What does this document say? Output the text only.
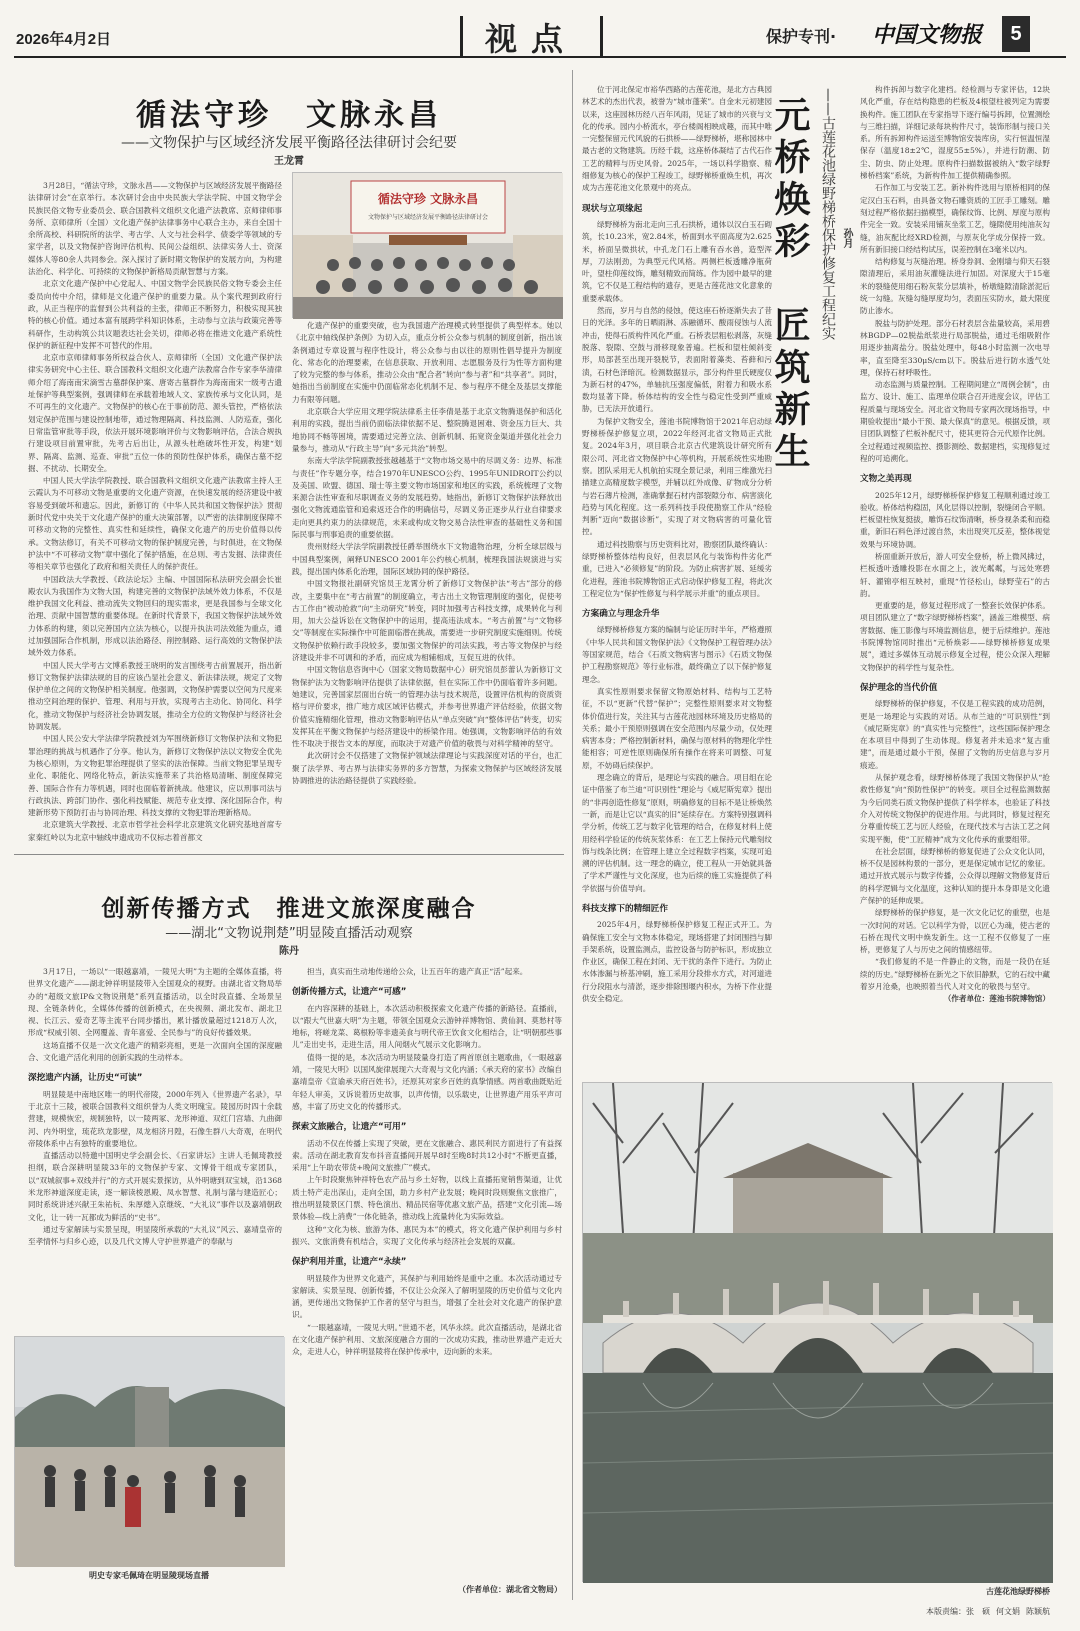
2026年4月2日	视点	保护专刊· 中国文物报	5
循法守珍　文脉永昌
——文物保护与区域经济发展平衡路径法律研讨会纪要
王龙霄

3月28日，“循法守珍，文脉永昌——文物保护与区域经济发展平衡路径法律研讨会”在京举行。本次研讨会由中央民族大学法学院、中国文物学会民族民俗文物专业委员会、联合国教科文组织文化遗产法教席、京师律师事务所、京师律所（全国）文化遗产保护法律事务中心联合主办，来自全国十余所高校、科研院所的法学、考古学、人文与社会科学、债委学等领域的专家学者，以及文物保护咨询评估机构、民间公益组织、法律实务人士、资深媒体人等80余人共同参会。深入探讨了新时期文物保护的发展方向，为构建法治化、科学化、可持续的文物保护新格局贡献智慧与方案。

北京文化遗产保护中心党起人、中国文物学会民族民俗文物专委会主任委员向传中介绍，律师是文化遗产保护的重要力量。从个案代理到政府行政，从正当程序的监督到公共利益的主张，律师正不断努力，积极实现其独特的核心价值。通过本富有展跨学科知识体系，主动参与立法与政策完善等科研作，生动构筑公共议题表达社会关切，律师必将在推进文化遗产系统性保护的新征程中发挥不可替代的作用。

北京市京师律师事务所权益合伙人、京师律所（全国）文化遗产保护法律实务研究中心主任、联合国教科文组织文化遗产法教席合作专家李华清律师介绍了海南南宋滴雪古墓群保护案、唐寄古墓群作为海南南宋一级考古遗址保护等典型案例，强调律师在承载着地域人文、家族传承与文化认同，是不可再生的文化遗产。文物保护的核心在于事前防范、源头管控，严格依法划定保护范围与建设控制地带，通过物理隔离、科技监测、人防巡查，强化日常监管审批等手段，依法开展环境影响评价与文物影响评估，合法合规执行建设项目前置审批，先考古后出让，从源头杜绝破坏性开发，构建“划界、隔离、监测、巡查、审批”五位一体的预防性保护体系，确保古墓不挖掘、不扰动、长期安全。

中国人民大学法学院教授、联合国教科文组织文化遗产法教席主持人王云霞认为不可移动文物是重要的文化遗产资源，在快速发展的经济建设中被容易受到破坏和遗忘。因此，新修订的《中华人民共和国文物保护法》贯彻新时代党中央关于文化遗产保护的重大决策部署，以严密的法律制度保障不可移动文物的完整性、真实性和延续性，确保文化遗产的历史价值得以传承。文物法修订，有关不可移动文物的保护制度完善，与时俱进，在文物保护法中“不可移动文物”章中强化了保护措施，在总则、考古发掘、法律责任等相关章节也强化了政府和相关责任人的保护责任。

中国政法大学教授、《政法论坛》主编、中国国际私法研究会副会长崔殿农认为我国作为文物大国，构建完善的文物保护法域外效力体系，不仅是维护我国文化利益、推动流失文物回归的现实需求，更是我国参与全球文化治理、贡献中国智慧的重要体现。在新时代背景下，我国文物保护法域外效力体系的构建，须以完善国内立法为核心，以提升执法司法效能为重点，通过加强国际合作机制，形成以法治路径、削控制路、运行高效的文物保护法域外效力体系。

中国人民大学考古文博系教授王晓明的发言围绕考古前置展开，指出新修订文物保护法律法规的目的应该凸显社会意义、新法律法规，规定了文物保护单位之间的文物保护相关制度。他强调，文物保护需要以空间为尺度来推动空间治理的保护、管理、利用与开放，实现考古主动化、协同化、科学化，推动文物保护与经济社会协调发展，推动全方位的文物保护与经济社会协调发展。

中国人民公安大学法律学院教授刘为军围绕新修订文物保护法和文物犯罪治理的挑战与机遇作了分享。他认为，新修订文物保护法以文物安全优先为核心原则，为文物犯罪治理提供了坚实的法治保障。当前文物犯罪呈现专业化、职能化、网络化特点，新法实施带来了共治格局清晰、制度保障完善、国际合作有力等机遇，同时也面临着新挑战。他建议，应以刑事司法与行政执法、跨部门协作、强化科技赋能、规范专业支撑、深化国际合作，构建新形势下预防打击与协同治理、科技支撑的文物犯罪治理新格局。

北京建筑大学教授、北京市哲学社会科学北京建筑文化研究基地首席专家秦红岭以为北京中轴线申遗成功不仅标志着首都文

循法守珍 文脉永昌
文物保护与区域经济发展平衡路径法律研讨会

化遗产保护的重要突破，也为我国遗产治理模式转型提供了典型样本。她以《北京中轴线保护条例》为切入点，重点分析公众参与机制的制度创新，指出该条例通过专章设置与程序性设计，将公众参与由以往的原则性倡导提升为制度化、常态化的治理要素，在信息获取、开放利用、志愿服务及行为性等方面构建了较为完整的参与体系，推动公众由“配合者”转向“参与者”和“共享者”。同时，她指出当前制度在实施中仍面临常态化机制不足、参与程序不健全及基层支撑能力有限等问题。

北京联合大学应用文理学院法律系主任李倩是基于北京文物腾退保护和活化利用的实践，提出当前仍面临法律依据不足、整院腾退困难、资金压力巨大、共地协同不畅等困境，需要通过完善立法、创新机制、拓宽资金渠道并强化社会力量参与，推动从“行政主导”向“多元共治”转型。

东南大学法学院副教授张越越基于“文物市场交易中的尽调义务：边界、标准与责任”作专题分享，结合1970年UNESCO公约、1995年UNIDROIT公约以及美国、欧盟、德国、瑞士等主要文物市场国家和地区的实践，系统梳理了文物来源合法性审查和尽职调查义务的发展趋势。她指出，新修订文物保护法释放出强化文物流通监管和追索返还合作的明确信号，尽调义务正逐步从行业自律要求走向更具约束力的法律规范，未来或构成文物交易合法性审查的基础性义务和国际民事与刑事追责的重要依据。

贵州财经大学法学院副教授任爵举围绕水下文物遗物治理，分析全球层级与中国典型案例，阐释UNESCO 2001年公约核心机制，梳理我国法规演进与实践，提出国内体系化治理，国际区域协同的保护路径。

中国文物报社副研究馆员王龙霄分析了新修订文物保护法“考古”部分的修改，主要集中在“考古前置”的制度确立，考古出土文物管理制度的强化，促使考古工作由“被动抢救”向“主动研究”转变，同时加强考古科技支撑，成果转化与利用，加大公益诉讼在文物保护中的运用，提高违法成本。“考古前置”与“文物移交”等制度在实际操作中可能面临潜在挑战，需要进一步研究制度实施细则。传统文物保护依赖行政手段较多，要加强文物保护的司法实践，考古等文物保护与经济建设并非不可调和的矛盾，而应成为相辅相成，互促互进的伙伴。

中国文物信息咨询中心（国家文物局数据中心）研究馆员彭蕾认为新修订文物保护法为文物影响评估提供了法律依据，但在实际工作中仍面临着许多问题。她建议，完善国家层面出台统一的管理办法与技术规范，设置评估机构的资质资格与评价要求，推广地方成区域评估模式，并参考世界遗产评估经验，依据文物价值实施精细化管理，推动文物影响评估从“单点突破”向“整体评估”转变，切实发挥其在平衡文物保护与经济建设中的桥梁作用。她强调，文物影响评估的有效性不取决于报告文本的厚度，而取决于对遗产价值的敬畏与对科学精神的坚守。

此次研讨会不仅搭建了文物保护领域法律理论与实践深度对话的平台，也汇聚了法学界、考古界与法律实务界的多方智慧，为探索文物保护与区域经济发展协调推进的法治路径提供了实践经验。

创新传播方式　推进文旅深度融合
——湖北“文物说荆楚”明显陵直播活动观察
陈丹

3月17日，一场以“一眼越嘉靖，一陵见大明”为主题的全媒体直播，将世界文化遗产——湖北钟祥明显陵带入全国观众的视野。由湖北省文物局举办的“超级文旅IP&文物说荆楚”系列直播活动，以全时段直播、全场景呈现、全链条转化，全媒体传播的创新模式，在央视频、湖北发布、湖北卫视、长江云、爱奇艺等主流平台同步播出，累计播放量超过1218万人次，形成“权威引领、全网覆盖、青年喜爱、全民参与”的良好传播效果。

这场直播不仅是一次文化遗产的精彩亮相，更是一次面向全国的深度融合、文化遗产活化利用的创新实践的生动样本。

深挖遗产内涵，让历史“可读”

明显陵是中南地区唯一的明代帝陵，2000年列入《世界遗产名录》，早于北京十三陵，被联合国教科文组织誉为人类文明瑰宝。陵园历时四十余载营建，规模恢宏，规制独特，以一陵两冢、龙形神道、双红门宫墙、九曲御河、内外明堂，琉花玖龙影壁，凤龙相济月隍，石像生群八大奇观，在明代帝陵体系中占有独特的重要地位。

直播活动以特邀中国明史学会副会长、《百家讲坛》主讲人毛佩琦教授担纲，联合深耕明显陵33年的文物保护专家、文博骨干组成专家团队，以“双城叙事+双线并行”的方式开展实景探访，从外明塘到双宝城，沿1368米龙形神道深度走读，逐一解读棱恩殿、凤水智慧、礼制与藩与建造匠心；同时系统讲述兴献王朱祐杬、朱厚熜入京继统、“大礼议”事件以及嘉靖朝政文化，让一砖一瓦都成为鲜活的“史书”。

通过专家解读与实景呈现，明显陵所承载的“大礼议”风云、嘉靖皇帝的至孝情怀与归乡心迹，以及几代文博人守护世界遗产的奉献与

明史专家毛佩琦在明显陵现场直播

担当，真实而生动地传递给公众，让五百年的遗产真正“活”起来。

创新传播方式，让遗产“可感”

在内容深耕的基础上，本次活动积极探索文化遗产传播的新路径。直播前，以“跟大气世嘉大明”为主题，带领全国观众云游钟祥博物馆、黄仙洞、莫愁村等地标，将嵯龙菜、葛根粉等非遗美食与明代帝王饮食文化相结合，让“明朝那些事儿”走出史书，走进生活，用人间烟火气展示文化影响力。

值得一提的是，本次活动为明显陵量身打造了两首原创主题歌曲，《一眼越嘉靖，一陵见大明》以国风旋律展现六大奇观与文化内涵；《承天府的家书》改编自嘉靖皇帝《宣谕承天府百姓书》，还原其对家乡百姓的真挚情感。两首歌曲既贴近年轻人审美，又诉说着历史故事，以声传情，以乐载史，让世界遗产用乐平声可感，丰富了历史文化的传播形式。

探索文旅融合，让遗产“可用”

活动不仅在传播上实现了突破，更在文旅融合、惠民利民方面进行了有益探索。活动在湖北教育发布抖音直播间开展早8时至晚8时共12小时“不断更直播，采用“上午助农带货+晚间文旅推广”模式。

上午时段聚焦钟祥特色农产品与乡土好物，以线上直播拓宽销售渠道，让优质土特产走出深山，走向全国，助力乡村产业发展；晚间时段则聚焦文旅推广，推出明显陵景区门票、特色演出、精品民宿等优惠文旅产品，搭建“文化引流—场景体验—线上消费”一体化链条，推动线上流量转化为实际效益。

这种“文化为核、旅游为体、惠民为本”的模式，将文化遗产保护利用与乡村振兴、文旅消费有机结合，实现了文化传承与经济社会发展的双赢。

保护利用并重，让遗产“永续”

明显陵作为世界文化遗产，其保护与利用始终是重中之重。本次活动通过专家解读、实景呈现、创新传播，不仅让公众深入了解明显陵的历史价值与文化内涵，更传递出文物保护工作者的坚守与担当，增强了全社会对文化遗产的保护意识。

“一眼越嘉靖，一陵见大明。”世通不老，风华永续。此次直播活动，是湖北省在文化遗产保护利用、文旅深度融合方面的一次成功实践，推动世界遗产走近大众，走进人心，钟祥明显陵将在保护传承中，迈向新的未来。

（作者单位：湖北省文物局）

位于河北保定市裕华西路的古莲花池，是北方古典园林艺术的杰出代表，被誉为“城市蓬莱”。自金末元初建园以来，这座园林历经八百年风雨，见证了城市的兴衰与文化的传承。园内小桥流水，亭台楼阁相映成趣，而其中唯一完整保留元代风貌的石拱桥——绿野梯桥，堪称园林中最古老的文物建筑。历经千载，这座桥体凝结了古代石作工艺的精粹与历史风骨。2025年，一场以科学勘察、精细修复为核心的保护工程竣工，绿野梯桥重焕生机，再次成为古莲花池文化景观中的亮点。

现状与立项缘起

绿野梯桥为南北走向三孔石拱桥，通体以汉白玉石砌筑，长10.23米，宽2.84米，桥面到水平面高度为2.625米，桥面呈微拱状，中孔龙门石上雕有吞水兽，造型浑厚，刀法刚劲，为典型元代风格。两侧栏板透雕净瓶荷叶，望柱仰莲纹饰，雕刻精致而简练。作为园中最早的建筑，它不仅是工程结构的遗存，更是古莲花池文化意象的重要承载体。

然而，岁月与自然的侵蚀，使这座石桥逐渐失去了昔日的光泽。多年的日晒雨淋、冻融循环、酸雨侵蚀与人流冲击，使得石质构件风化严重。石桥表层粗松剥落，灰缝脱落、裂隙、空鼓与滑移现象普遍。栏板和望柱倾斜变形，局部甚至出现开裂脱节，表面附着藻类、苔藓和污渍，石材色泽暗沉。检测数据显示，部分构件里氏硬度仅为新石材的47%，单轴抗压强度偏低，附着力和吸水系数均显著下降。桥体结构的安全性与稳定性受到严重威胁，已无法开放通行。

为保护文物安全，莲池书院博物馆于2021年启动绿野梯桥保护修复立项，2022年经河北省文物局正式批复。2024年3月，项目联合北京古代建筑设计研究所有限公司、河北省文物保护中心等机构，开展系统性实地勘察。团队采用无人机航拍实现全景记录，利用三维激光扫描建立高精度数字模型，并辅以红外成像、矿物成分分析与岩石薄片检测，准确掌握石材内部裂隙分布、病害演化趋势与风化程度。这一系列科技手段使勘察工作从“经验判断”迈向“数据诊断”，实现了对文物病害的可量化管控。

通过科技勘察与历史资料比对，勘察团队最终确认：绿野梯桥整体结构良好，但表层风化与装饰构件劣化严重，已进入“必须修复”的阶段。为防止病害扩展、延缓劣化进程，莲池书院博物馆正式启动保护修复工程，将此次工程定位为“保护性修复与科学展示并重”的重点项目。

方案确立与理念升华

绿野梯桥修复方案的编制与论证历时半年，严格遵照《中华人民共和国文物保护法》《文物保护工程管理办法》等国家规范，结合《石质文物病害与图示》《石质文物保护工程勘察规范》等行业标准，最终确立了以下保护修复理念。

真实性原则要求保留文物原始材料、结构与工艺特征，不以“更新”代替“保护”；完整性原则要求对文物整体价值进行发，关注其与古莲花池园林环境及历史格局的关系；最小干预原则强调在安全范围内尽量少动，仅处理病害本身；严格控制新材料，确保与原材料的物理化学性能相容；可逆性原则确保所有操作在将来可调整、可复原，不妨碍后续保护。

理念确立的背后，是理论与实践的融合。项目组在论证中借鉴了布兰迪“可识别性”理论与《威尼斯宪章》提出的“非再创造性修复”原则，明确修复的目标不是让桥焕然一新，而是让它以“真实的旧”延续存在。方案特别强调科学分析，传统工艺与数字化管理的结合，在修复材料上使用经科学验证的传统灰浆体系：在工艺上保持元代雕刻纹饰与线条比例；在管理上建立全过程数字档案，实现可追溯的评估机制。这一理念的确立，使工程从一开始就具备了学术严谨性与文化深度，也为后续的施工实施提供了科学依据与价值导向。

科技支撑下的精细匠作

2025年4月，绿野梯桥保护修复工程正式开工。为确保施工安全与文物本体稳定，现场搭建了封闭围挡与脚手架系统，设置监测点，监控设备与防护标识，形成独立作业区，确保工程在封闭、无干扰的条件下进行。为防止水体渗漏与桥基冲刷，施工采用分段排水方式，对河道进行分段阻水与清淤，逐步排除围堰内积水，为桥下作业提供安全稳定。

元桥焕彩　匠筑新生 ——古莲花池绿野梯桥保护修复工程纪实 孙月

构件拆卸与数字化建档。经检测与专家评估，12块风化严重，存在结构隐患的栏板及4根望柱被列定为需要换构件。施工团队在专家指导下逐行编号拆卸，位置测绘与三维扫描，详细记录每块构件尺寸，装饰形制与接口关系。所有拆卸构件运送至博物馆安装库房，实行恒温恒湿保存（温度18±2℃，湿度55±5%），并进行防潮、防尘、防虫、防止处理。原构件扫描数据被纳入“数字绿野梯桥档案”系统，为新构件加工提供精确参照。

石作加工与安装工艺。新补构件选用与原桥相同的保定汉白玉石料，由具备文物石雕资质的工匠手工雕刻。雕刻过程严格依据扫描模型，确保纹饰、比例、厚度与原构件完全一致。安装采用铺灰坐浆工艺，缝隙使用纯油灰勾缝，油灰配比经XRD检测，与原灰化学成分保持一致。所有新旧接口经结构试压，误差控制在3毫米以内。

结构修复与灰缝治理。桥身券洞、金刚墙与仰天石裂隙清理后，采用油灰灌缝法进行加固。对深度大于15毫米的裂缝使用细石粉灰浆分层填补，桥墩缝隙清除淤泥后统一勾缝。灰缝勾缝厚度均匀，表面压实防水，最大限度防止渗水。

脱盐与防护处理。部分石材表层含盐量较高，采用碧林BGDP—02脱盐纸浆进行局部脱盐，通过毛细吸附作用逐步抽离盐分。脱盐处理中，每48小时监测一次电导率，直至降至330μS/cm以下。脱盐后进行防水透气处理，保持石材呼吸性。

动态监测与质量控制。工程期间建立“周例会制”，由监方、设计、施工、监理单位联合召开进度会议，评估工程质量与现场安全。河北省文物局专家两次现场指导，中期验收提出“最小干预、最大保真”的意见。根据反馈，项目团队调整了栏板补配尺寸，使其更符合元代原作比例。全过程通过视频监控、摄影测绘、数据建档，实现修复过程的可追溯化。

文物之美再现

2025年12月，绿野梯桥保护修复工程顺利通过竣工验收。桥体结构稳固，风化层得以控制，裂缝闭合平顺。栏板望柱恢复挺拔，雕饰石纹饰清晰，桥身视条柔和而稳重，新旧石料色泽过渡自然，未出现突兀反差，整体视觉效果与环境协调。

桥面重新开放后，游人可安全登桥，桥上微风拂过，栏板透叶透雕投影在水面之上，波光粼粼，与远处寒碧轩、濯锦亭相互映衬，重现“竹径松山，绿野莹石”的古韵。

更重要的是，修复过程形成了一整套长效保护体系。项目团队建立了“数字绿野梯桥档案”，涵盖三维模型、病害数据、施工影像与环境监测信息，便于后续维护。莲池书院博物馆同时推出“元桥焕彩——绿野梯桥修复成果展”，通过多媒体互动展示修复全过程，使公众深入理解文物保护的科学性与复杂性。

保护理念的当代价值

绿野梯桥的保护修复，不仅是工程实践的成功范例，更是一场理论与实践的对话。从布兰迪的“可识别性”到《威尼斯宪章》的“真实性与完整性”，这些国际保护理念在本项目中得到了生动体现。修复者并未追求“复古重建”，而是通过最小干预，保留了文物的历史信息与岁月痕迹。

从保护观念看，绿野梯桥体现了我国文物保护从“抢救性修复”向“预防性保护”的转变。项目全过程监测数据为今后同类石质文物保护提供了科学样本，也验证了科技介入对传统文物保护的促进作用。与此同时，修复过程充分尊重传统工艺与匠人经验，在现代技术与古法工艺之间实现平衡，使“工匠精神”成为文化传承的重要组带。

在社会层面，绿野梯桥的修复促进了公众文化认同，桥不仅是园林构景的一部分，更是保定城市记忆的象征。通过开放式展示与数字传播，公众得以理解文物修复背后的科学逻辑与文化温度，这种认知的提升本身即是文化遗产保护的延伸成果。

绿野梯桥的保护修复，是一次文化记忆的重塑，也是一次时间的对话。它以科学为骨，以匠心为魂，使古老的石桥在现代文明中焕发新生。这一工程不仅修复了一座桥，更修复了人与历史之间的情感纽带。

“我们修复的不是一件静止的文物，而是一段仍在延续的历史。”绿野梯桥在新光之下依旧静默，它的石纹中藏着岁月沧桑，也映照着当代人对文化的敬畏与坚守。

（作者单位：莲池书院博物馆）

古莲花池绿野梯桥
本版责编：张　硕 何文娟 陈颖航
